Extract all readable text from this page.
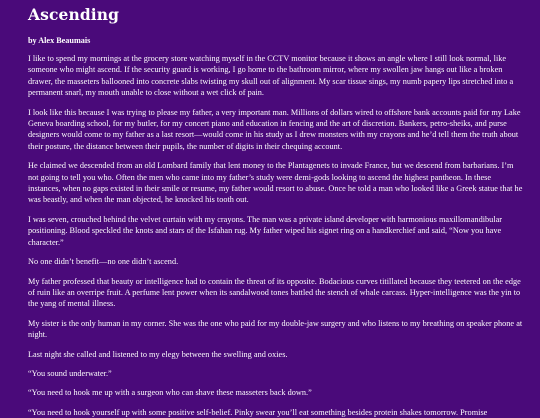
Ascending
by Alex Beaumais

I like to spend my mornings at the grocery store watching myself in the CCTV monitor because it shows an angle where I still look normal, like someone who might ascend. If the security guard is working, I go home to the bathroom mirror, where my swollen jaw hangs out like a broken drawer, the masseters ballooned into concrete slabs twisting my skull out of alignment. My scar tissue sings, my numb papery lips stretched into a permanent snarl, my mouth unable to close without a wet click of pain.

I look like this because I was trying to please my father, a very important man. Millions of dollars wired to offshore bank accounts paid for my Lake Geneva boarding school, for my butler, for my concert piano and education in fencing and the art of discretion. Bankers, petro-sheiks, and purse designers would come to my father as a last resort—would come in his study as I drew monsters with my crayons and he’d tell them the truth about their posture, the distance between their pupils, the number of digits in their chequing account.

He claimed we descended from an old Lombard family that lent money to the Plantagenets to invade France, but we descend from barbarians. I’m not going to tell you who. Often the men who came into my father’s study were demi-gods looking to ascend the highest pantheon. In these instances, when no gaps existed in their smile or resume, my father would resort to abuse. Once he told a man who looked like a Greek statue that he was beastly, and when the man objected, he knocked his tooth out.

I was seven, crouched behind the velvet curtain with my crayons. The man was a private island developer with harmonious maxillomandibular positioning. Blood speckled the knots and stars of the Isfahan rug. My father wiped his signet ring on a handkerchief and said, “Now you have character.”

No one didn’t benefit—no one didn’t ascend.

My father professed that beauty or intelligence had to contain the threat of its opposite. Bodacious curves titillated because they teetered on the edge of ruin like an overripe fruit. A perfume lent power when its sandalwood tones battled the stench of whale carcass. Hyper-intelligence was the yin to the yang of mental illness.

My sister is the only human in my corner. She was the one who paid for my double-jaw surgery and who listens to my breathing on speaker phone at night.

Last night she called and listened to my elegy between the swelling and oxies.

“You sound underwater.”

“You need to hook me up with a surgeon who can shave these masseters back down.”

“You need to hook yourself up with some positive self-belief. Pinky swear you’ll eat something besides protein shakes tomorrow. Promise
